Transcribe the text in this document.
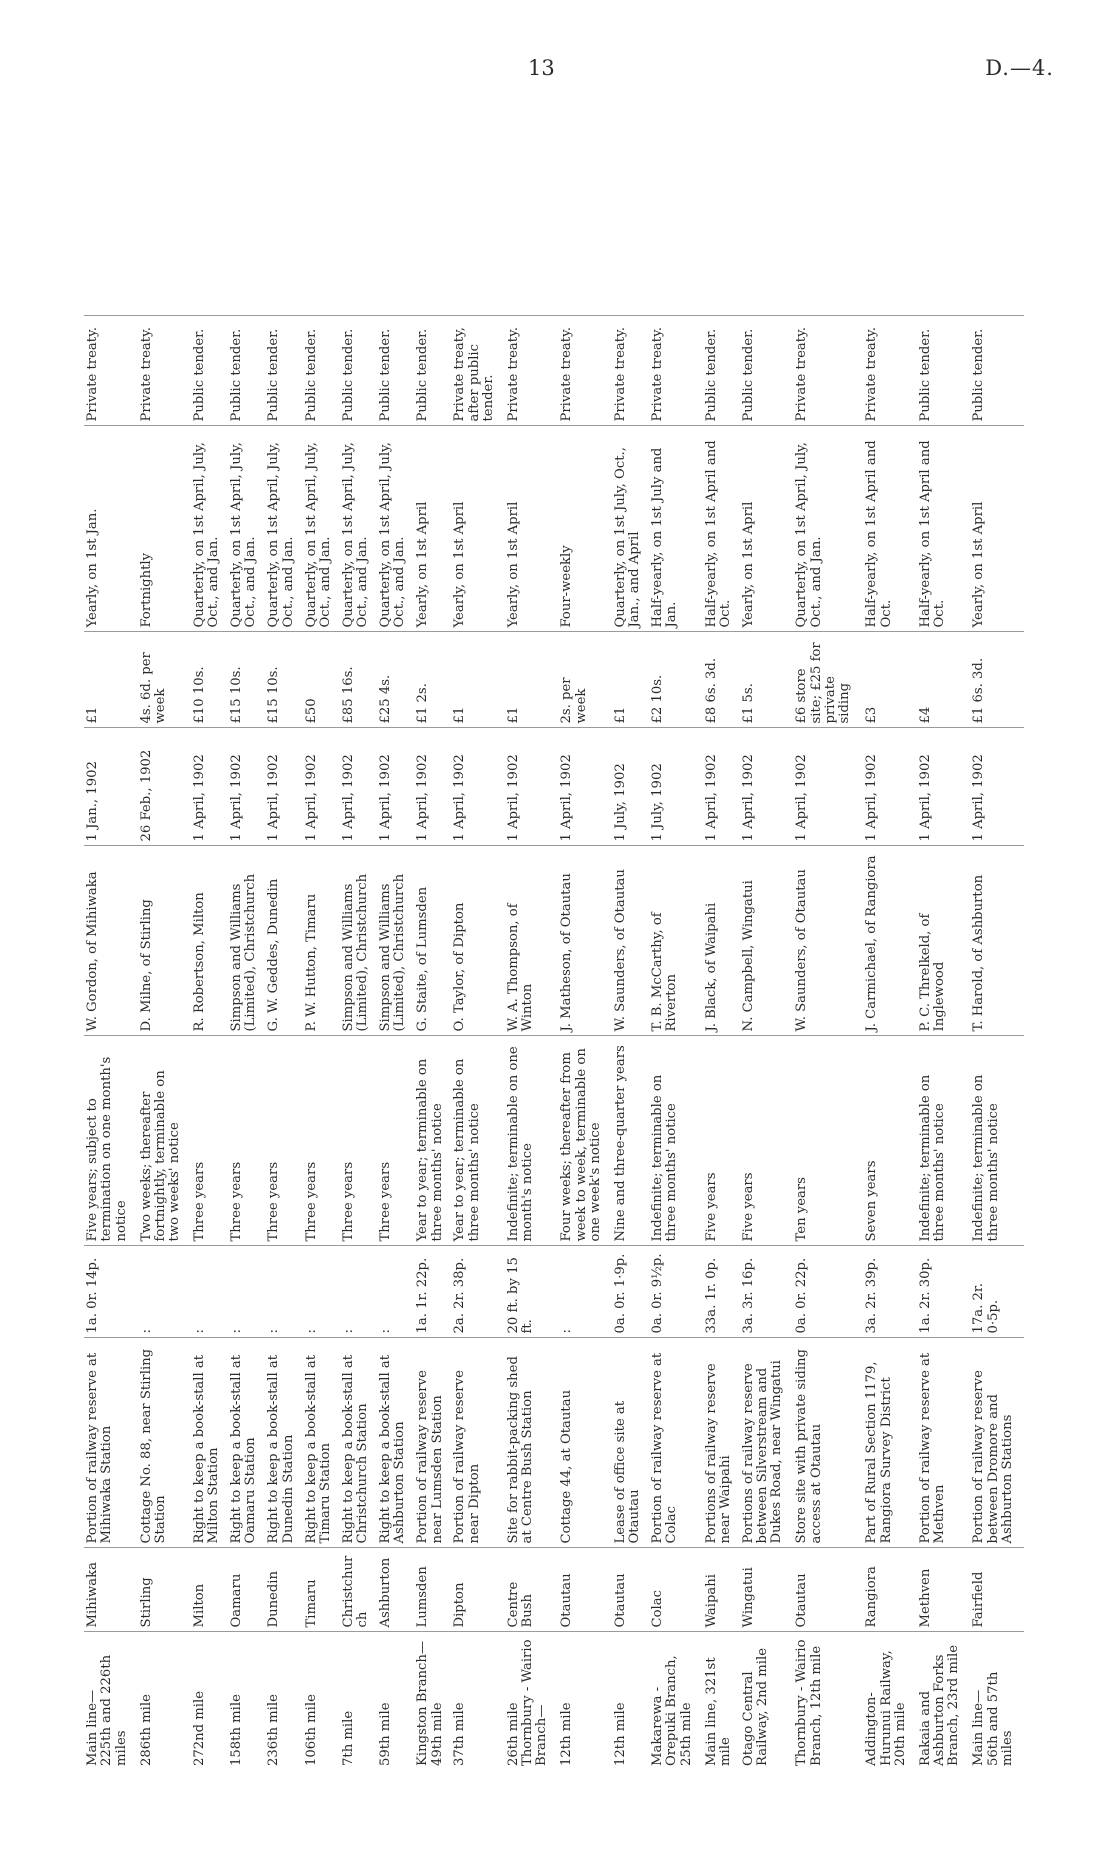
13	D.—4.
Main line—
225th and 226th miles	Mihiwaka	Portion of railway reserve at Mihiwaka Station	1a. 0r. 14p.	Five years; subject to termination on one month's notice	W. Gordon, of Mihiwaka	1 Jan., 1902	£1	Yearly, on 1st Jan.	Private treaty.	
286th mile	Stirling	Cottage No. 88, near Stirling Station	:	Two weeks; thereafter fortnightly, terminable on two weeks' notice	D. Milne, of Stirling	26 Feb., 1902	4s. 6d. per week	Fortnightly	Private treaty.	
272nd mile	Milton	Right to keep a book-stall at Milton Station	:	Three years	R. Robertson, Milton	1 April, 1902	£10 10s.	Quarterly, on 1st April, July, Oct., and Jan.	Public tender.	
158th mile	Oamaru	Right to keep a book-stall at Oamaru Station	:	Three years	Simpson and Williams (Limited), Christchurch	1 April, 1902	£15 10s.	Quarterly, on 1st April, July, Oct., and Jan.	Public tender.	
236th mile	Dunedin	Right to keep a book-stall at Dunedin Station	:	Three years	G. W. Geddes, Dunedin	1 April, 1902	£15 10s.	Quarterly, on 1st April, July, Oct., and Jan.	Public tender.	
106th mile	Timaru	Right to keep a book-stall at Timaru Station	:	Three years	P. W. Hutton, Timaru	1 April, 1902	£50	Quarterly, on 1st April, July, Oct., and Jan.	Public tender.	
7th mile	Christchurch	Right to keep a book-stall at Christchurch Station	:	Three years	Simpson and Williams (Limited), Christchurch	1 April, 1902	£85 16s.	Quarterly, on 1st April, July, Oct., and Jan.	Public tender.	
59th mile	Ashburton	Right to keep a book-stall at Ashburton Station	:	Three years	Simpson and Williams (Limited), Christchurch	1 April, 1902	£25 4s.	Quarterly, on 1st April, July, Oct., and Jan.	Public tender.	
Kingston Branch—
49th mile	Lumsden	Portion of railway reserve near Lumsden Station	1a. 1r. 22p.	Year to year; terminable on three months' notice	G. Staite, of Lumsden	1 April, 1902	£1 2s.	Yearly, on 1st April	Public tender.	
37th mile	Dipton	Portion of railway reserve near Dipton	2a. 2r. 38p.	Year to year; terminable on three months' notice	O. Taylor, of Dipton	1 April, 1902	£1	Yearly, on 1st April	Private treaty, after public tender.	
26th mile
Thornbury - Wairio Branch—	Centre Bush	Site for rabbit-packing shed at Centre Bush Station	20 ft. by 15 ft.	Indefinite; terminable on one month's notice	W. A. Thompson, of Winton	1 April, 1902	£1	Yearly, on 1st April	Private treaty.	
12th mile	Otautau	Cottage 44, at Otautau	:	Four weeks; thereafter from week to week, terminable on one week's notice	J. Matheson, of Otautau	1 April, 1902	2s. per week	Four-weekly	Private treaty.	
12th mile	Otautau	Lease of office site at Otautau	0a. 0r. 1·9p.	Nine and three-quarter years	W. Saunders, of Otautau	1 July, 1902	£1	Quarterly, on 1st July, Oct., Jan., and April	Private treaty.	
Makarewa - Orepuki Branch, 25th mile	Colac	Portion of railway reserve at Colac	0a. 0r. 9½p.	Indefinite; terminable on three months' notice	T. B. McCarthy, of Riverton	1 July, 1902	£2 10s.	Half-yearly, on 1st July and Jan.	Private treaty.	
Main line, 321st mile	Waipahi	Portions of railway reserve near Waipahi	33a. 1r. 0p.	Five years	J. Black, of Waipahi	1 April, 1902	£8 6s. 3d.	Half-yearly, on 1st April and Oct.	Public tender.	
Otago Central Railway, 2nd mile	Wingatui	Portions of railway reserve between Silverstream and Dukes Road, near Wingatui	3a. 3r. 16p.	Five years	N. Campbell, Wingatui	1 April, 1902	£1 5s.	Yearly, on 1st April	Public tender.	
Thornbury - Wairio Branch, 12th mile	Otautau	Store site with private siding access at Otautau	0a. 0r. 22p.	Ten years	W. Saunders, of Otautau	1 April, 1902	£6 store site; £25 for private siding	Quarterly, on 1st April, July, Oct., and Jan.	Private treaty.	
Addington-Hurunui Railway, 20th mile	Rangiora	Part of Rural Section 1179, Rangiora Survey District	3a. 2r. 39p.	Seven years	J. Carmichael, of Rangiora	1 April, 1902	£3	Half-yearly, on 1st April and Oct.	Private treaty.	
Rakaia and Ashburton Forks Branch, 23rd mile	Methven	Portion of railway reserve at Methven	1a. 2r. 30p.	Indefinite; terminable on three months' notice	P. C. Threlkeld, of Inglewood	1 April, 1902	£4	Half-yearly, on 1st April and Oct.	Public tender.	
Main line—
56th and 57th miles	Fairfield	Portion of railway reserve between Dromore and Ashburton Stations	17a. 2r. 0·5p.	Indefinite; terminable on three months' notice	T. Harold, of Ashburton	1 April, 1902	£1 6s. 3d.	Yearly, on 1st April	Public tender.	
